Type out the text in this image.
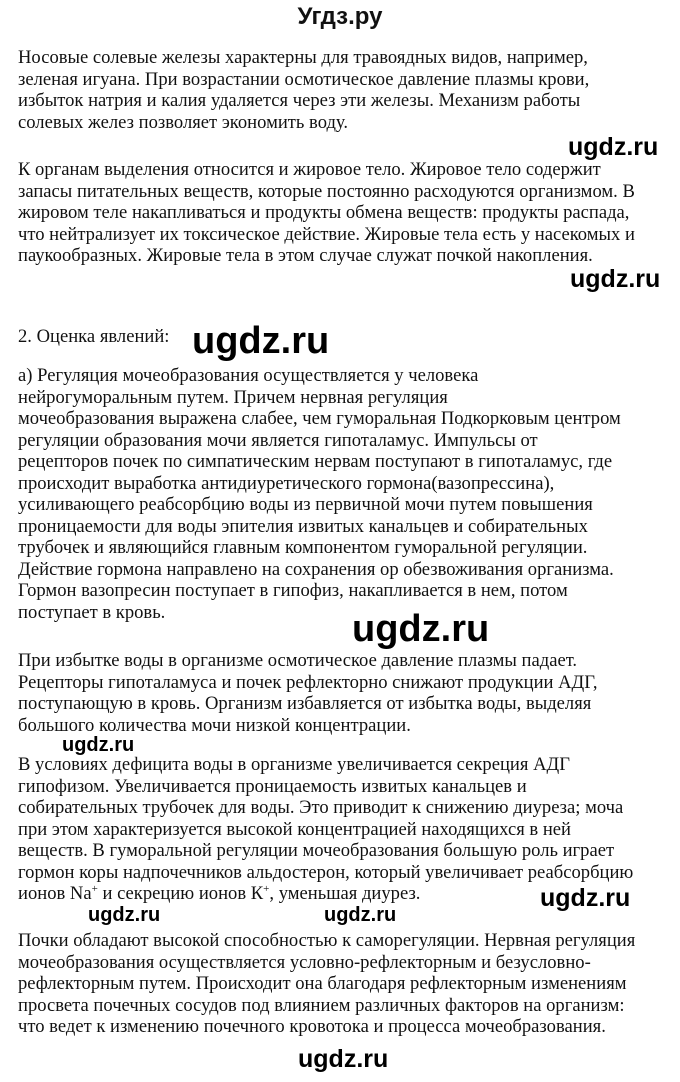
Угдз.ру
Носовые солевые железы характерны для травоядных видов, например,
зеленая игуана. При возрастании осмотическое давление плазмы крови,
избыток натрия и калия удаляется через эти железы. Механизм работы
солевых желез позволяет экономить воду.
ugdz.ru
К органам выделения относится и жировое тело. Жировое тело содержит
запасы питательных веществ, которые постоянно расходуются организмом. В
жировом теле накапливаться и продукты обмена веществ: продукты распада,
что нейтрализует их токсическое действие. Жировые тела есть у насекомых и
паукообразных. Жировые тела в этом случае служат почкой накопления.
ugdz.ru
2. Оценка явлений: ugdz.ru
а) Регуляция мочеобразования осуществляется у человека
нейрогуморальным путем. Причем нервная регуляция
мочеобразования выражена слабее, чем гуморальная Подкорковым центром
регуляции образования мочи является гипоталамус. Импульсы от
рецепторов почек по симпатическим нервам поступают в гипоталамус, где
происходит выработка антидиуретического гормона(вазопрессина),
усиливающего реабсорбцию воды из первичной мочи путем повышения
проницаемости для воды эпителия извитых канальцев и собирательных
трубочек и являющийся главным компонентом гуморальной регуляции.
Действие гормона направлено на сохранения ор обезвоживания организма.
Гормон вазопресин поступает в гипофиз, накапливается в нем, потом
поступает в кровь.	ugdz.ru
При избытке воды в организме осмотическое давление плазмы падает.
Рецепторы гипоталамуса и почек рефлекторно снижают продукции АДГ,
поступающую в кровь. Организм избавляется от избытка воды, выделяя
большого количества мочи низкой концентрации.
ugdz.ru
В условиях дефицита воды в организме увеличивается секреция АДГ
гипофизом. Увеличивается проницаемость извитых канальцев и
собирательных трубочек для воды. Это приводит к снижению диуреза; моча
при этом характеризуется высокой концентрацией находящихся в ней
веществ. В гуморальной регуляции мочеобразования большую роль играет
гормон коры надпочечников альдостерон, который увеличивает реабсорбцию
ионов Na+ и секрецию ионов К+, уменьшая диурез.
ugdz.ru	ugdz.ru
ugdz.ru
Почки обладают высокой способностью к саморегуляции. Нервная регуляция
мочеобразования осуществляется условно-рефлекторным и безусловно-
рефлекторным путем. Происходит она благодаря рефлекторным изменениям
просвета почечных сосудов под влиянием различных факторов на организм:
что ведет к изменению почечного кровотока и процесса мочеобразования.
ugdz.ru
